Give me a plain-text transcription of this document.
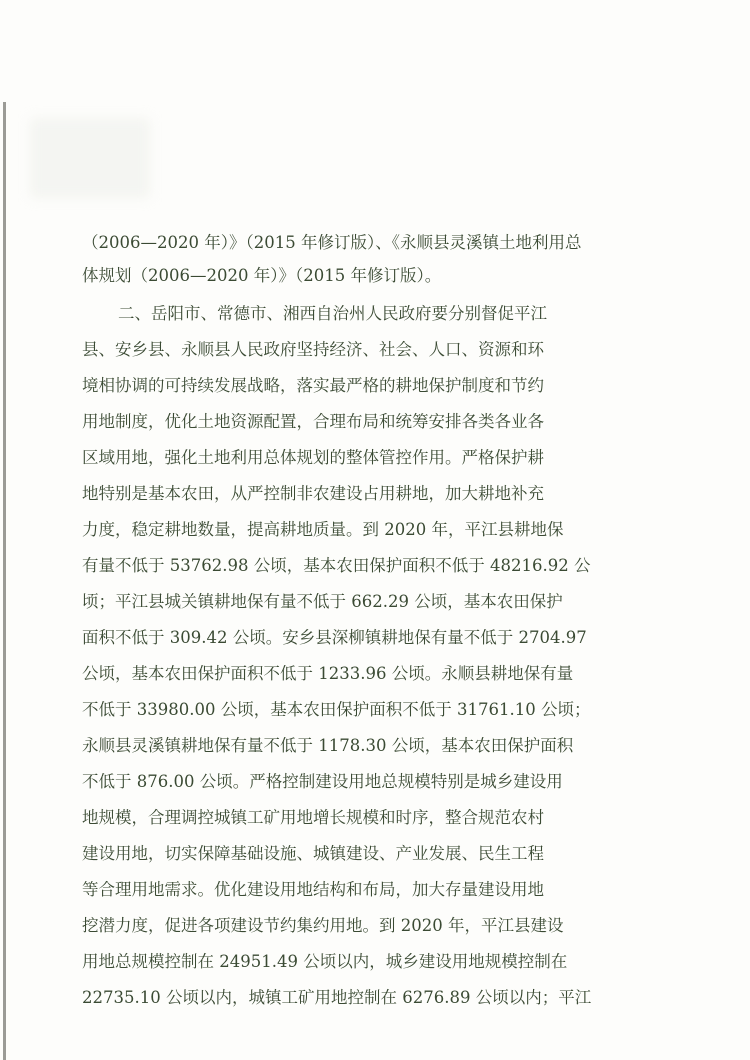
（2006—2020 年）》（2015 年修订版）、《永顺县灵溪镇土地利用总
体规划（2006—2020 年）》（2015 年修订版）。
二、岳阳市、常德市、湘西自治州人民政府要分别督促平江
县、安乡县、永顺县人民政府坚持经济、社会、人口、资源和环
境相协调的可持续发展战略，落实最严格的耕地保护制度和节约
用地制度，优化土地资源配置，合理布局和统筹安排各类各业各
区域用地，强化土地利用总体规划的整体管控作用。严格保护耕
地特别是基本农田，从严控制非农建设占用耕地，加大耕地补充
力度，稳定耕地数量，提高耕地质量。到 2020 年，平江县耕地保
有量不低于 53762.98 公顷，基本农田保护面积不低于 48216.92 公
顷；平江县城关镇耕地保有量不低于 662.29 公顷，基本农田保护
面积不低于 309.42 公顷。安乡县深柳镇耕地保有量不低于 2704.97
公顷，基本农田保护面积不低于 1233.96 公顷。永顺县耕地保有量
不低于 33980.00 公顷，基本农田保护面积不低于 31761.10 公顷；
永顺县灵溪镇耕地保有量不低于 1178.30 公顷，基本农田保护面积
不低于 876.00 公顷。严格控制建设用地总规模特别是城乡建设用
地规模，合理调控城镇工矿用地增长规模和时序，整合规范农村
建设用地，切实保障基础设施、城镇建设、产业发展、民生工程
等合理用地需求。优化建设用地结构和布局，加大存量建设用地
挖潜力度，促进各项建设节约集约用地。到 2020 年，平江县建设
用地总规模控制在 24951.49 公顷以内，城乡建设用地规模控制在
22735.10 公顷以内，城镇工矿用地控制在 6276.89 公顷以内；平江
